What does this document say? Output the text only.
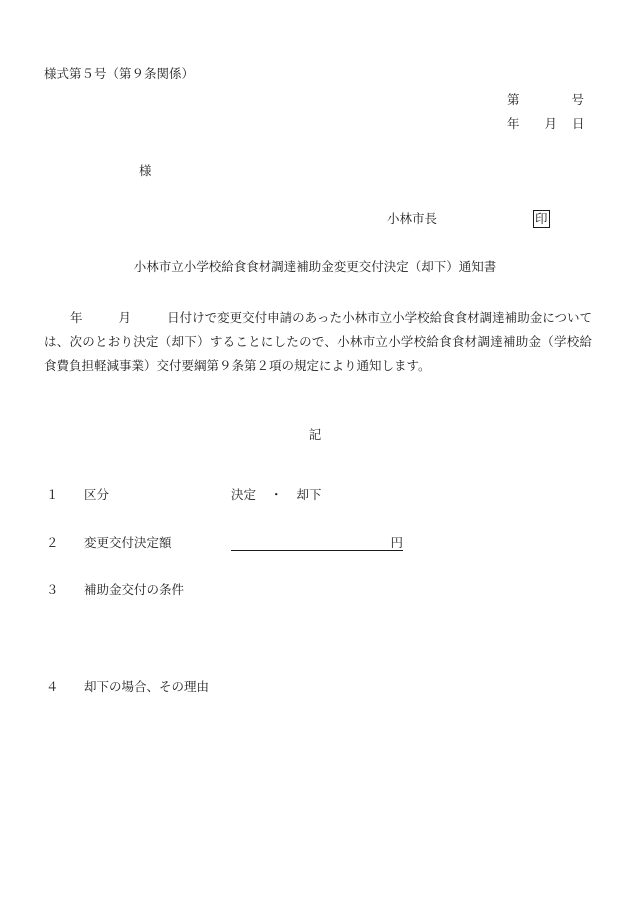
様式第５号（第９条関係）
第	号
年 月 日
様
小林市長	印
小林市立小学校給食食材調達補助金変更交付決定（却下）通知書
年	月	日付けで変更交付申請のあった小林市立小学校給食食材調達補助金については、次のとおり決定（却下）することにしたので、小林市立小学校給食食材調達補助金（学校給食費負担軽減事業）交付要綱第９条第２項の規定により通知します。
記
１ 区分	決定 ・ 却下
２ 変更交付決定額	円
３ 補助金交付の条件
４ 却下の場合、その理由
